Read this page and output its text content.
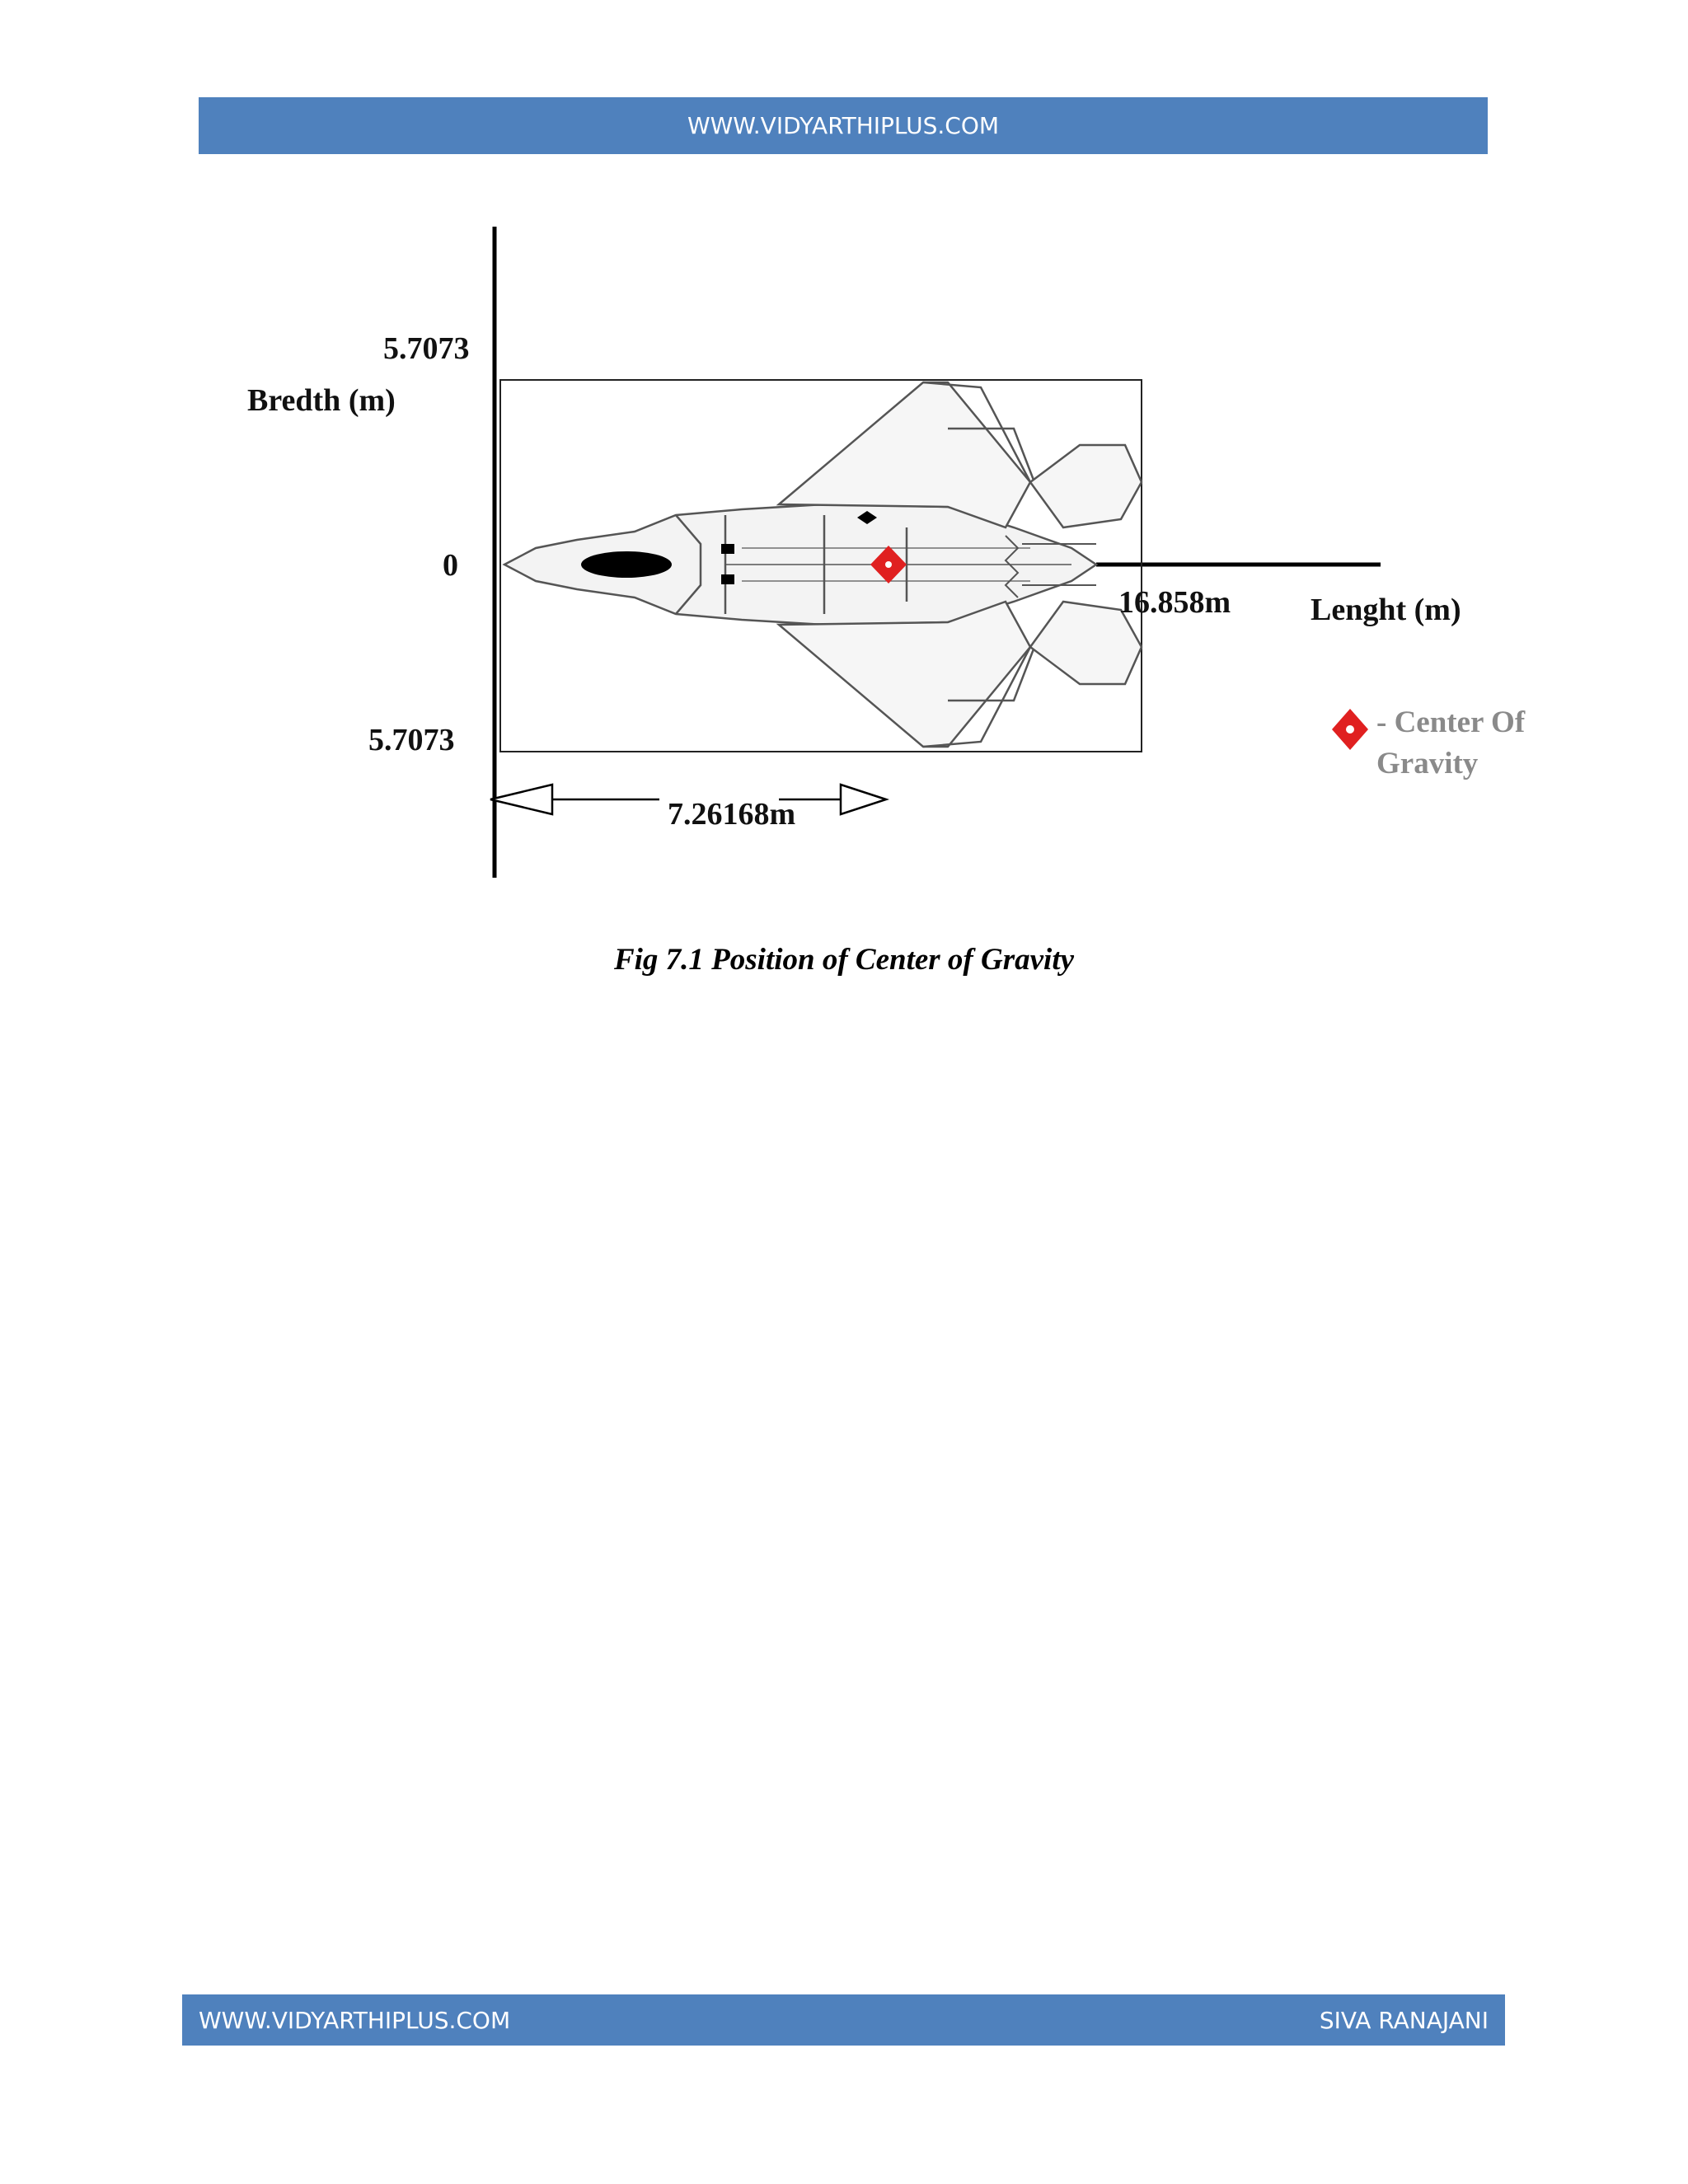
WWW.VIDYARTHIPLUS.COM
5.7073
Bredth (m)
0
5.7073
7.26168m
16.858m	Lenght (m)
- Center Of
Gravity
Fig 7.1 Position of Center of Gravity
WWW.VIDYARTHIPLUS.COM	SIVA RANAJANI
